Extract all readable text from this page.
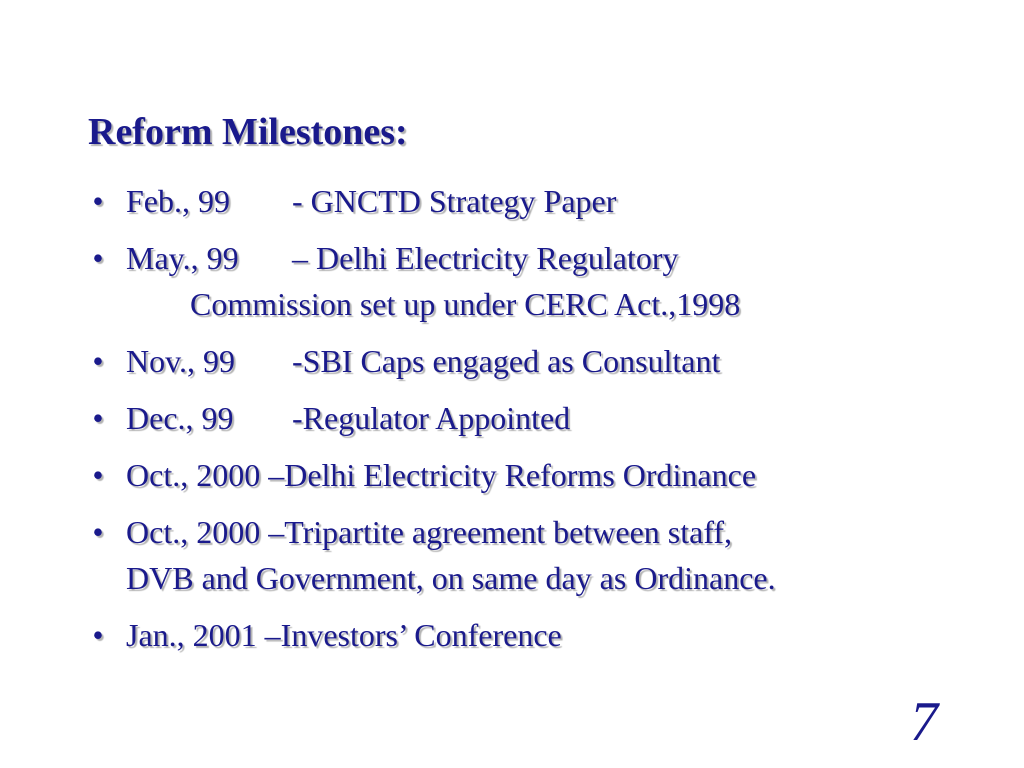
Reform Milestones:
• Feb., 99 - GNCTD Strategy Paper
• May., 99 – Delhi Electricity Regulatory
Commission set up under CERC Act.,1998
• Nov., 99 -SBI Caps engaged as Consultant
• Dec., 99 -Regulator Appointed
• Oct., 2000 –Delhi Electricity Reforms Ordinance
• Oct., 2000 –Tripartite agreement between staff,
DVB and Government, on same day as Ordinance.
• Jan., 2001 –Investors’ Conference
7
